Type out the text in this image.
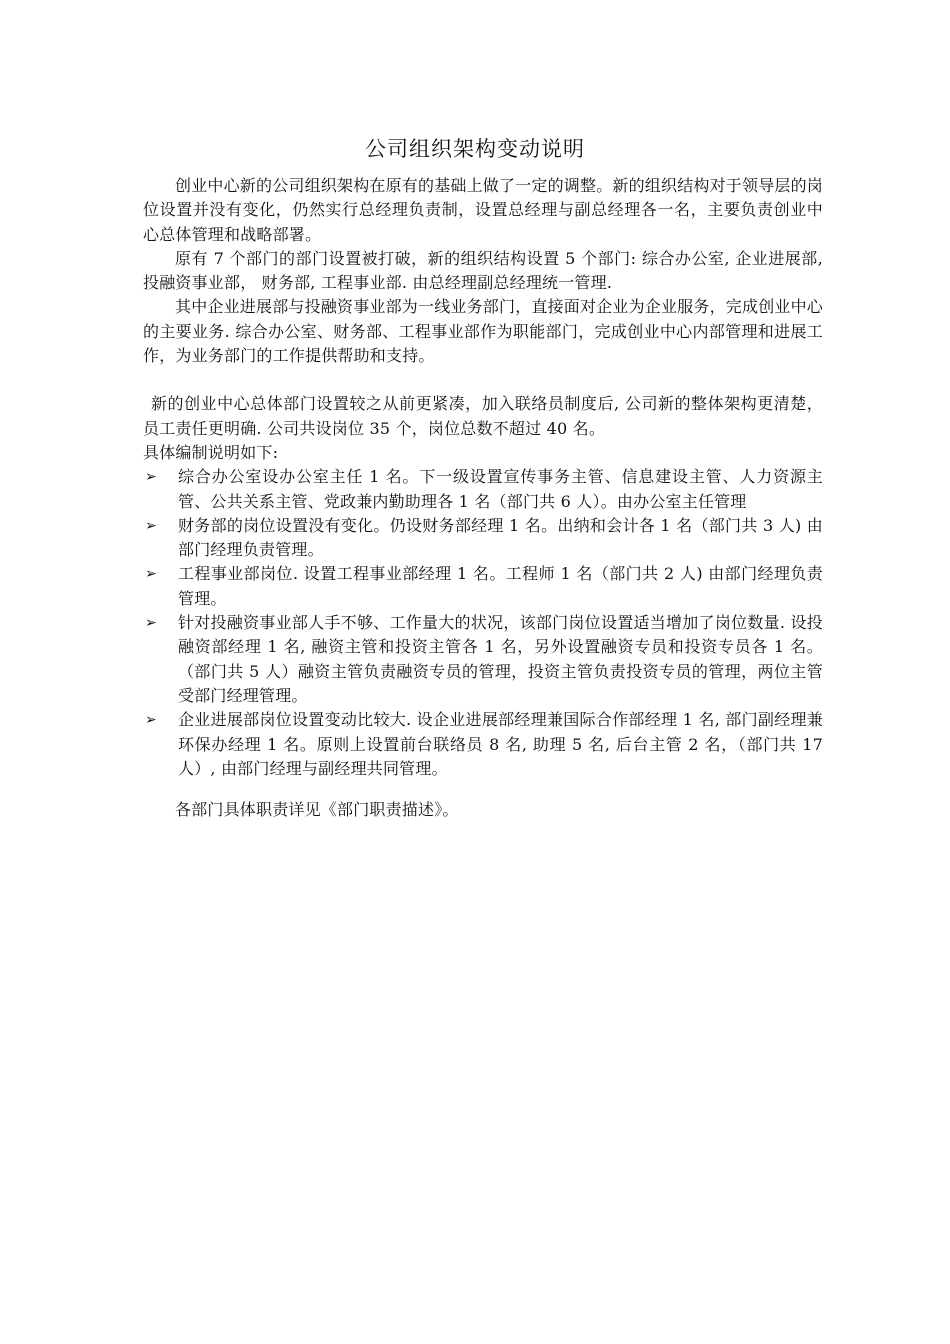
公司组织架构变动说明

创业中心新的公司组织架构在原有的基础上做了一定的调整。新的组织结构对于领导层的岗位设置并没有变化，仍然实行总经理负责制，设置总经理与副总经理各一名，主要负责创业中心总体管理和战略部署。

原有 7 个部门的部门设置被打破，新的组织结构设置 5 个部门: 综合办公室, 企业进展部, 投融资事业部， 财务部, 工程事业部. 由总经理副总经理统一管理.

其中企业进展部与投融资事业部为一线业务部门，直接面对企业为企业服务，完成创业中心的主要业务. 综合办公室、财务部、工程事业部作为职能部门，完成创业中心内部管理和进展工作，为业务部门的工作提供帮助和支持。

新的创业中心总体部门设置较之从前更紧凑，加入联络员制度后, 公司新的整体架构更清楚，员工责任更明确. 公司共设岗位 35 个，岗位总数不超过 40 名。

具体编制说明如下:

➢ 综合办公室设办公室主任 1 名。下一级设置宣传事务主管、信息建设主管、人力资源主管、公共关系主管、党政兼内勤助理各 1 名（部门共 6 人）。由办公室主任管理
➢ 财务部的岗位设置没有变化。仍设财务部经理 1 名。出纳和会计各 1 名（部门共 3 人) 由部门经理负责管理。
➢ 工程事业部岗位. 设置工程事业部经理 1 名。工程师 1 名（部门共 2 人) 由部门经理负责管理。
➢ 针对投融资事业部人手不够、工作量大的状况，该部门岗位设置适当增加了岗位数量. 设投融资部经理 1 名, 融资主管和投资主管各 1 名，另外设置融资专员和投资专员各 1 名。（部门共 5 人）融资主管负责融资专员的管理，投资主管负责投资专员的管理，两位主管受部门经理管理。
➢ 企业进展部岗位设置变动比较大. 设企业进展部经理兼国际合作部经理 1 名, 部门副经理兼环保办经理 1 名。原则上设置前台联络员 8 名, 助理 5 名, 后台主管 2 名，（部门共 17 人）, 由部门经理与副经理共同管理。

各部门具体职责详见《部门职责描述》。
